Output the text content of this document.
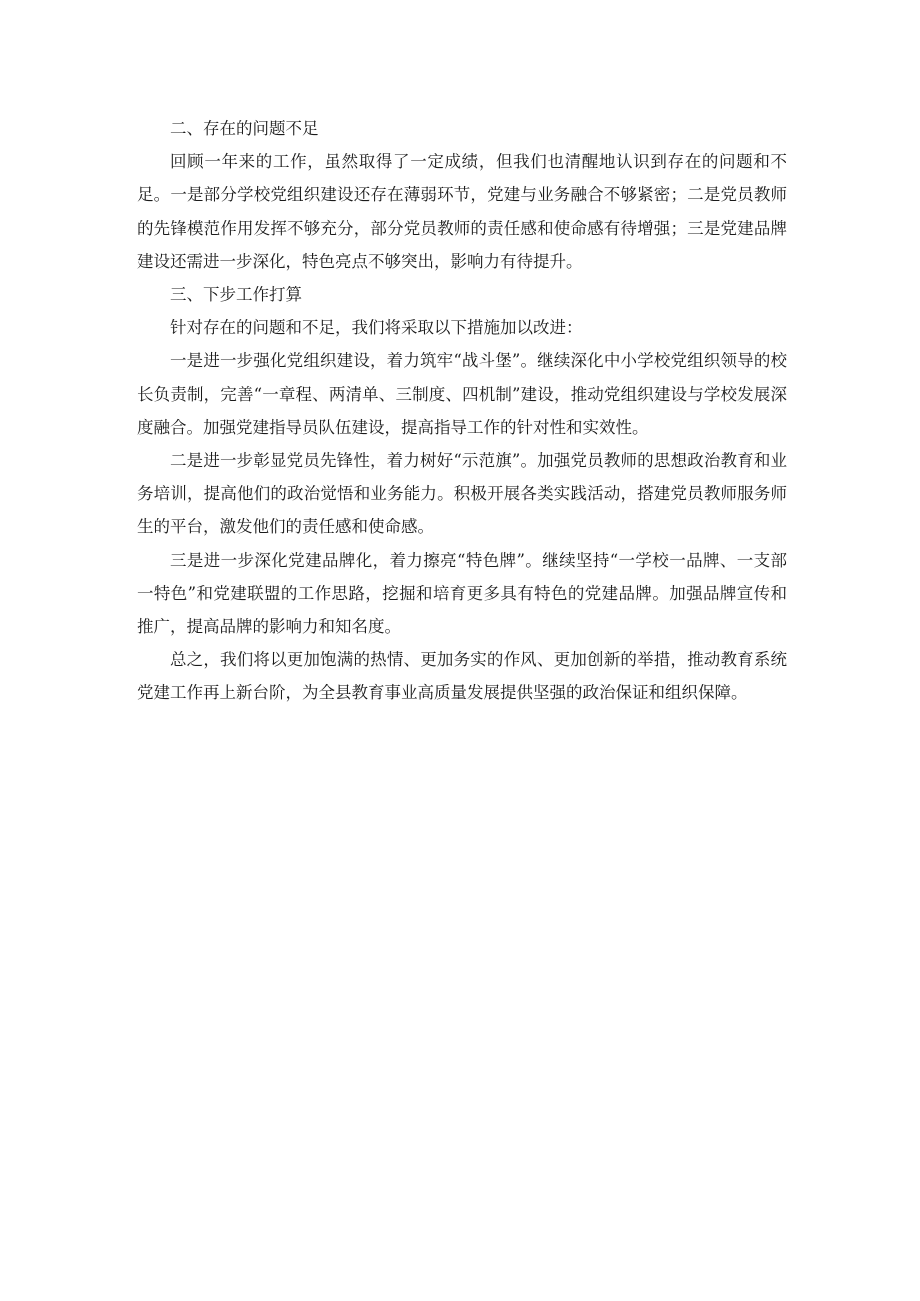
二、存在的问题不足

回顾一年来的工作，虽然取得了一定成绩，但我们也清醒地认识到存在的问题和不足。一是部分学校党组织建设还存在薄弱环节，党建与业务融合不够紧密；二是党员教师的先锋模范作用发挥不够充分，部分党员教师的责任感和使命感有待增强；三是党建品牌建设还需进一步深化，特色亮点不够突出，影响力有待提升。

三、下步工作打算

针对存在的问题和不足，我们将采取以下措施加以改进：

一是进一步强化党组织建设，着力筑牢“战斗堡”。继续深化中小学校党组织领导的校长负责制，完善“一章程、两清单、三制度、四机制”建设，推动党组织建设与学校发展深度融合。加强党建指导员队伍建设，提高指导工作的针对性和实效性。

二是进一步彰显党员先锋性，着力树好“示范旗”。加强党员教师的思想政治教育和业务培训，提高他们的政治觉悟和业务能力。积极开展各类实践活动，搭建党员教师服务师生的平台，激发他们的责任感和使命感。

三是进一步深化党建品牌化，着力擦亮“特色牌”。继续坚持“一学校一品牌、一支部一特色”和党建联盟的工作思路，挖掘和培育更多具有特色的党建品牌。加强品牌宣传和推广，提高品牌的影响力和知名度。

总之，我们将以更加饱满的热情、更加务实的作风、更加创新的举措，推动教育系统党建工作再上新台阶，为全县教育事业高质量发展提供坚强的政治保证和组织保障。
